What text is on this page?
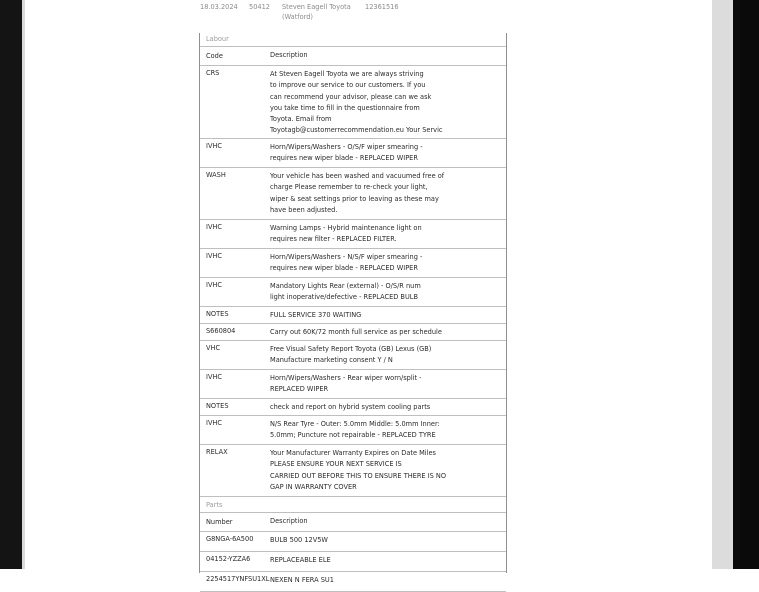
18.03.2024 50412 Steven Eagell Toyota
(Watford)
12361516
Labour
Code	Description
CRS	At Steven Eagell Toyota we are always striving
to improve our service to our customers. If you
can recommend your advisor, please can we ask
you take time to fill in the questionnaire from
Toyota. Email from
Toyotagb@customerrecommendation.eu Your Servic
IVHC	Horn/Wipers/Washers - O/S/F wiper smearing -
requires new wiper blade - REPLACED WIPER
WASH	Your vehicle has been washed and vacuumed free of
charge Please remember to re-check your light,
wiper & seat settings prior to leaving as these may
have been adjusted.
IVHC	Warning Lamps - Hybrid maintenance light on
requires new filter - REPLACED FILTER.
IVHC	Horn/Wipers/Washers - N/S/F wiper smearing -
requires new wiper blade - REPLACED WIPER
IVHC	Mandatory Lights Rear (external) - O/S/R num
light inoperative/defective - REPLACED BULB
NOTES	FULL SERVICE 370 WAITING
S660804	Carry out 60K/72 month full service as per schedule
VHC	Free Visual Safety Report Toyota (GB) Lexus (GB)
Manufacture marketing consent Y / N
IVHC	Horn/Wipers/Washers - Rear wiper worn/split -
REPLACED WIPER
NOTES	check and report on hybrid system cooling parts
IVHC	N/S Rear Tyre - Outer: 5.0mm Middle: 5.0mm Inner:
5.0mm; Puncture not repairable - REPLACED TYRE
RELAX	Your Manufacturer Warranty Expires on Date Miles
PLEASE ENSURE YOUR NEXT SERVICE IS
CARRIED OUT BEFORE THIS TO ENSURE THERE IS NO
GAP IN WARRANTY COVER
Parts
Number	Description
G8NGA-6A500	BULB 500 12V5W
04152-YZZA6	REPLACEABLE ELE
2254517YNFSU1XL NEXEN N FERA SU1
